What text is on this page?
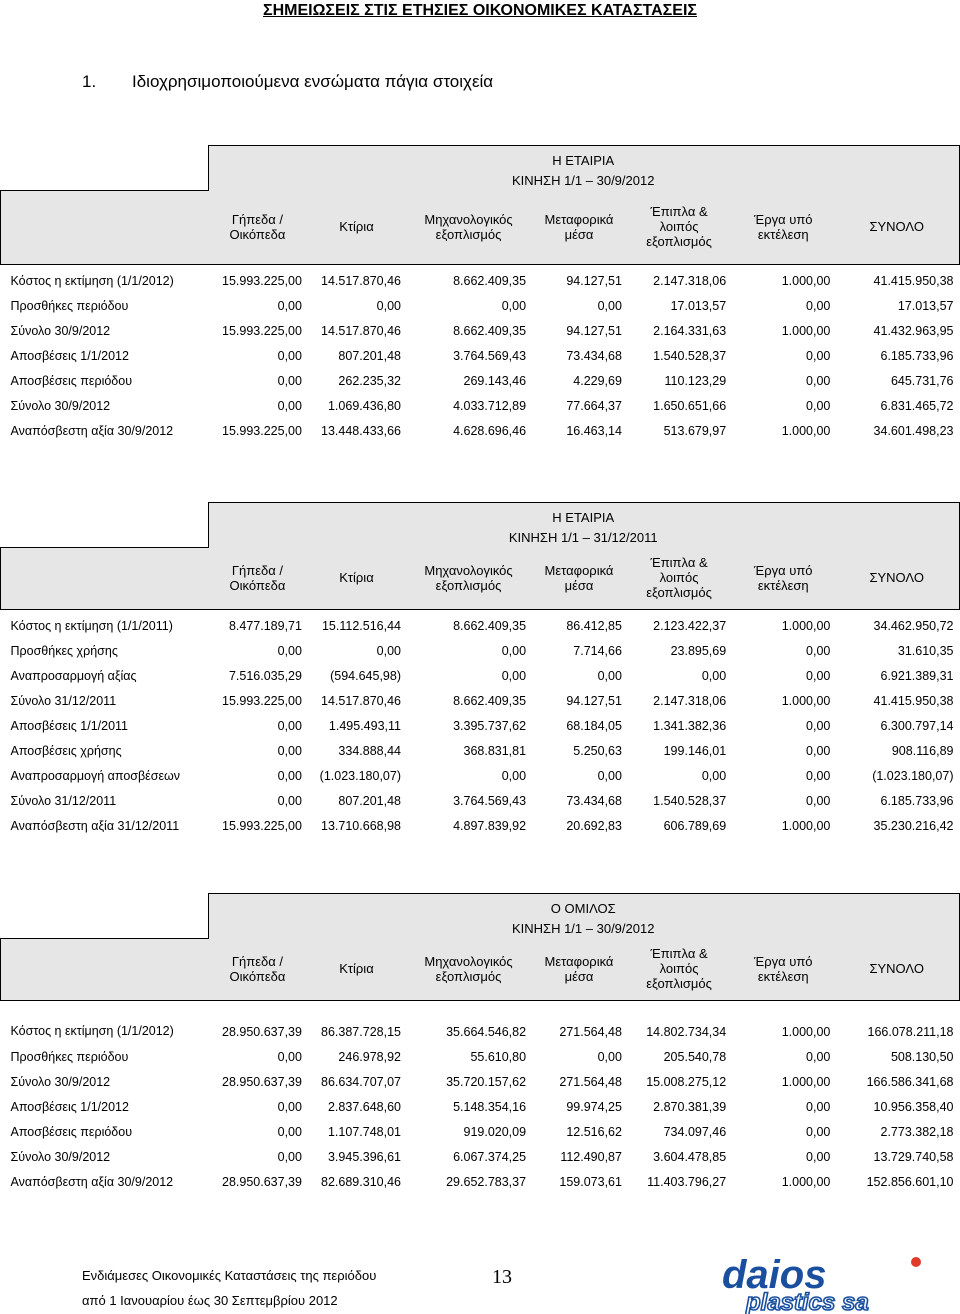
ΣΗΜΕΙΩΣΕΙΣ ΣΤΙΣ ΕΤΗΣΙΕΣ ΟΙΚΟΝΟΜΙΚΕΣ ΚΑΤΑΣΤΑΣΕΙΣ
1. Ιδιοχρησιμοποιούμενα ενσώματα πάγια στοιχεία
	Η ΕΤΑΙΡΙΑ						
	ΚΙΝΗΣΗ 1/1 – 30/9/2012						
	Γήπεδα / Οικόπεδα	Κτίρια	Μηχανολογικός εξοπλισμός	Μεταφορικά μέσα	Έπιπλα & λοιπός εξοπλισμός	Έργα υπό εκτέλεση	ΣΥΝΟΛΟ
Κόστος η εκτίμηση (1/1/2012)	15.993.225,00	14.517.870,46	8.662.409,35	94.127,51	2.147.318,06	1.000,00	41.415.950,38
Προσθήκες περιόδου	0,00	0,00	0,00	0,00	17.013,57	0,00	17.013,57
Σύνολο 30/9/2012	15.993.225,00	14.517.870,46	8.662.409,35	94.127,51	2.164.331,63	1.000,00	41.432.963,95
Αποσβέσεις 1/1/2012	0,00	807.201,48	3.764.569,43	73.434,68	1.540.528,37	0,00	6.185.733,96
Αποσβέσεις περιόδου	0,00	262.235,32	269.143,46	4.229,69	110.123,29	0,00	645.731,76
Σύνολο 30/9/2012	0,00	1.069.436,80	4.033.712,89	77.664,37	1.650.651,66	0,00	6.831.465,72
Αναπόσβεστη αξία 30/9/2012	15.993.225,00	13.448.433,66	4.628.696,46	16.463,14	513.679,97	1.000,00	34.601.498,23
	Η ΕΤΑΙΡΙΑ						
	ΚΙΝΗΣΗ 1/1 – 31/12/2011						
	Γήπεδα / Οικόπεδα	Κτίρια	Μηχανολογικός εξοπλισμός	Μεταφορικά μέσα	Έπιπλα & λοιπός εξοπλισμός	Έργα υπό εκτέλεση	ΣΥΝΟΛΟ
Κόστος η εκτίμηση (1/1/2011)	8.477.189,71	15.112.516,44	8.662.409,35	86.412,85	2.123.422,37	1.000,00	34.462.950,72
Προσθήκες χρήσης	0,00	0,00	0,00	7.714,66	23.895,69	0,00	31.610,35
Αναπροσαρμογή αξίας	7.516.035,29	(594.645,98)	0,00	0,00	0,00	0,00	6.921.389,31
Σύνολο 31/12/2011	15.993.225,00	14.517.870,46	8.662.409,35	94.127,51	2.147.318,06	1.000,00	41.415.950,38
Αποσβέσεις 1/1/2011	0,00	1.495.493,11	3.395.737,62	68.184,05	1.341.382,36	0,00	6.300.797,14
Αποσβέσεις χρήσης	0,00	334.888,44	368.831,81	5.250,63	199.146,01	0,00	908.116,89
Αναπροσαρμογή αποσβέσεων	0,00	(1.023.180,07)	0,00	0,00	0,00	0,00	(1.023.180,07)
Σύνολο 31/12/2011	0,00	807.201,48	3.764.569,43	73.434,68	1.540.528,37	0,00	6.185.733,96
Αναπόσβεστη αξία 31/12/2011	15.993.225,00	13.710.668,98	4.897.839,92	20.692,83	606.789,69	1.000,00	35.230.216,42
	Ο ΟΜΙΛΟΣ						
	ΚΙΝΗΣΗ 1/1 – 30/9/2012						
	Γήπεδα / Οικόπεδα	Κτίρια	Μηχανολογικός εξοπλισμός	Μεταφορικά μέσα	Έπιπλα & λοιπός εξοπλισμός	Έργα υπό εκτέλεση	ΣΥΝΟΛΟ
Κόστος η εκτίμηση (1/1/2012)	28.950.637,39	86.387.728,15	35.664.546,82	271.564,48	14.802.734,34	1.000,00	166.078.211,18
Προσθήκες περιόδου	0,00	246.978,92	55.610,80	0,00	205.540,78	0,00	508.130,50
Σύνολο 30/9/2012	28.950.637,39	86.634.707,07	35.720.157,62	271.564,48	15.008.275,12	1.000,00	166.586.341,68
Αποσβέσεις 1/1/2012	0,00	2.837.648,60	5.148.354,16	99.974,25	2.870.381,39	0,00	10.956.358,40
Αποσβέσεις περιόδου	0,00	1.107.748,01	919.020,09	12.516,62	734.097,46	0,00	2.773.382,18
Σύνολο 30/9/2012	0,00	3.945.396,61	6.067.374,25	112.490,87	3.604.478,85	0,00	13.729.740,58
Αναπόσβεστη αξία 30/9/2012	28.950.637,39	82.689.310,46	29.652.783,37	159.073,61	11.403.796,27	1.000,00	152.856.601,10
Ενδιάμεσες Οικονομικές Καταστάσεις της περιόδου
από 1 Ιανουαρίου έως 30 Σεπτεμβρίου 2012
13	daios
plastics sa
